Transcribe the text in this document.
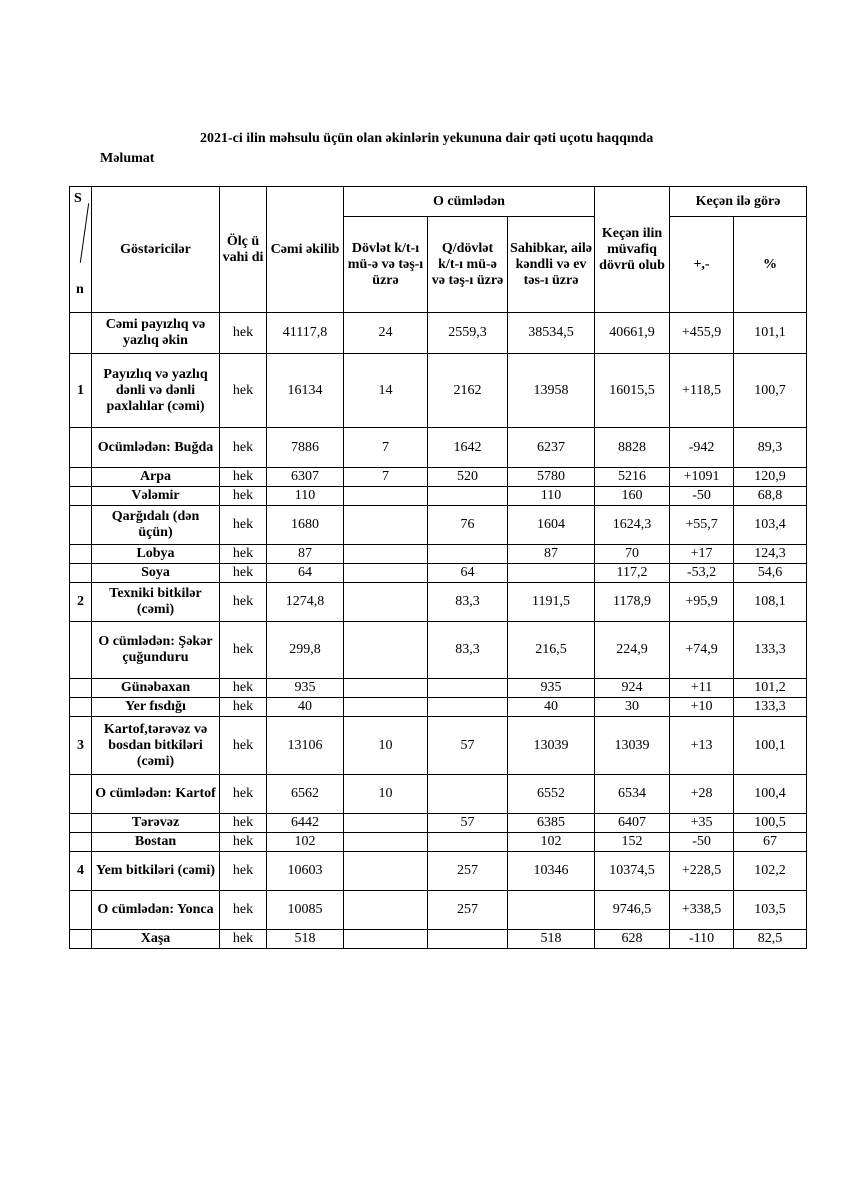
2021-ci ilin məhsulu üçün olan əkinlərin yekununa dair qəti uçotu haqqında
Məlumat
S
n	Göstəricilər	Ölç ü vahi di	Cəmi əkilib	O cümlədən			Keçən ilin müvafiq dövrü olub	Keçən ilə görə	
				Dövlət k/t-ı mü-ə və təş-ı üzrə	Q/dövlət k/t-ı mü-ə və təş-ı üzrə	Sahibkar, ailə kəndli və ev təs-ı üzrə		+,-	%
	Cəmi payızlıq və yazlıq əkin	hek	41117,8	24	2559,3	38534,5	40661,9	+455,9	101,1
1	Payızlıq və yazlıq dənli və dənli paxlalılar (cəmi)	hek	16134	14	2162	13958	16015,5	+118,5	100,7
	Ocümlədən: Buğda	hek	7886	7	1642	6237	8828	-942	89,3
	Arpa	hek	6307	7	520	5780	5216	+1091	120,9
	Vələmir	hek	110			110	160	-50	68,8
	Qarğıdalı (dən üçün)	hek	1680		76	1604	1624,3	+55,7	103,4
	Lobya	hek	87			87	70	+17	124,3
	Soya	hek	64		64		117,2	-53,2	54,6
2	Texniki bitkilər (cəmi)	hek	1274,8		83,3	1191,5	1178,9	+95,9	108,1
	O cümlədən: Şəkər çuğunduru	hek	299,8		83,3	216,5	224,9	+74,9	133,3
	Günəbaxan	hek	935			935	924	+11	101,2
	Yer fısdığı	hek	40			40	30	+10	133,3
3	Kartof,tərəvəz və bosdan bitkiləri (cəmi)	hek	13106	10	57	13039	13039	+13	100,1
	O cümlədən: Kartof	hek	6562	10		6552	6534	+28	100,4
	Tərəvəz	hek	6442		57	6385	6407	+35	100,5
	Bostan	hek	102			102	152	-50	67
4	Yem bitkiləri (cəmi)	hek	10603		257	10346	10374,5	+228,5	102,2
	O cümlədən: Yonca	hek	10085		257		9746,5	+338,5	103,5
	Xaşa	hek	518			518	628	-110	82,5
